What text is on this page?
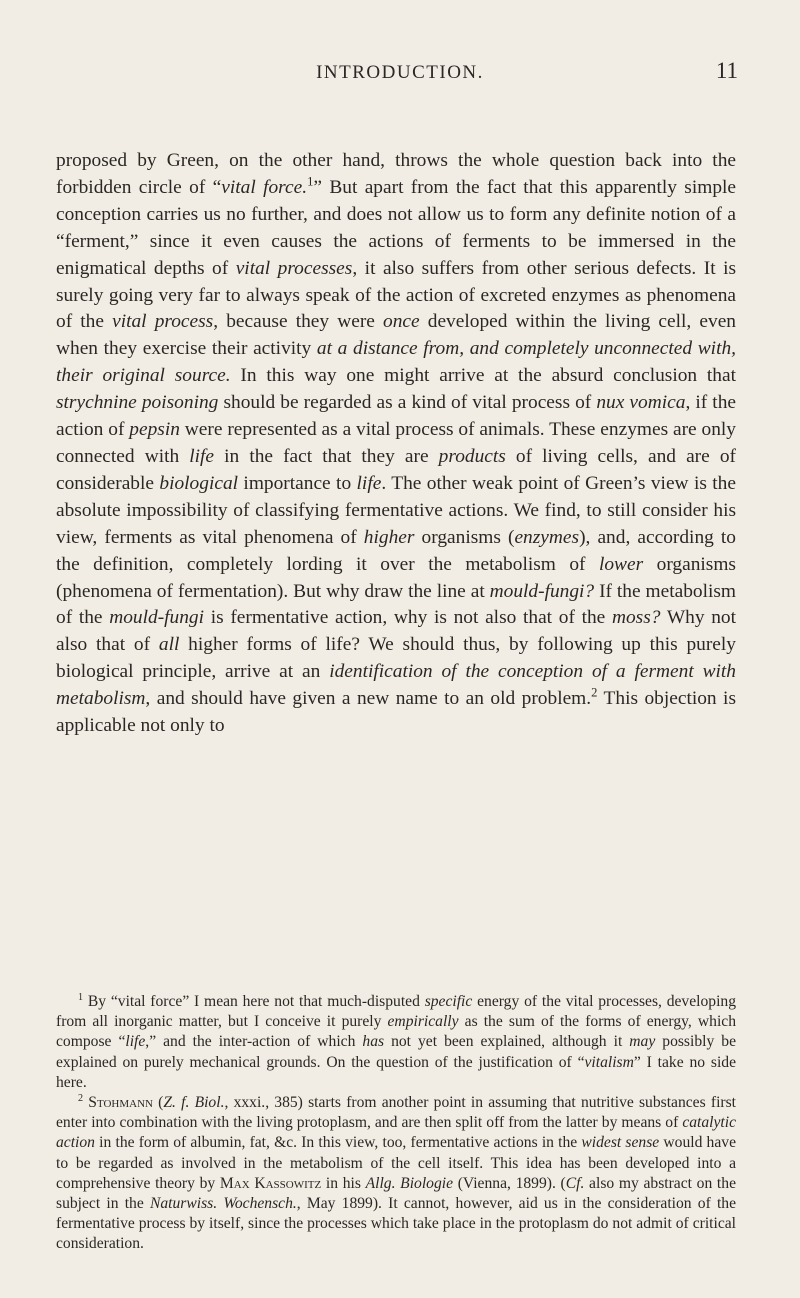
INTRODUCTION.	11

proposed by Green, on the other hand, throws the whole question back into the forbidden circle of “vital force.$^1$” But apart from the fact that this apparently simple conception carries us no further, and does not allow us to form any definite notion of a “ferment,” since it even causes the actions of ferments to be immersed in the enigmatical depths of vital processes, it also suffers from other serious defects. It is surely going very far to always speak of the action of excreted enzymes as phenomena of the vital process, because they were once developed within the living cell, even when they exercise their activity at a distance from, and completely unconnected with, their original source. In this way one might arrive at the absurd conclusion that strychnine poisoning should be regarded as a kind of vital process of nux vomica, if the action of pepsin were represented as a vital process of animals. These enzymes are only connected with life in the fact that they are products of living cells, and are of considerable biological importance to life. The other weak point of Green’s view is the absolute impossibility of classifying fermentative actions. We find, to still consider his view, ferments as vital phenomena of higher organisms (enzymes), and, according to the definition, completely lording it over the metabolism of lower organisms (phenomena of fermentation). But why draw the line at mould-fungi? If the metabolism of the mould-fungi is fermentative action, why is not also that of the moss? Why not also that of all higher forms of life? We should thus, by following up this purely biological principle, arrive at an identification of the conception of a ferment with metabolism, and should have given a new name to an old problem.$^2$ This objection is applicable not only to

$^1$ By “vital force” I mean here not that much-disputed specific energy of the vital processes, developing from all inorganic matter, but I conceive it purely empirically as the sum of the forms of energy, which compose “life,” and the inter-action of which has not yet been explained, although it may possibly be explained on purely mechanical grounds. On the question of the justification of “vitalism” I take no side here.

$^2$ Stohmann (Z. f. Biol., xxxi., 385) starts from another point in assuming that nutritive substances first enter into combination with the living protoplasm, and are then split off from the latter by means of catalytic action in the form of albumin, fat, &c. In this view, too, fermentative actions in the widest sense would have to be regarded as involved in the metabolism of the cell itself. This idea has been developed into a comprehensive theory by Max Kassowitz in his Allg. Biologie (Vienna, 1899). (Cf. also my abstract on the subject in the Naturwiss. Wochensch., May 1899). It cannot, however, aid us in the consideration of the fermentative process by itself, since the processes which take place in the protoplasm do not admit of critical consideration.
